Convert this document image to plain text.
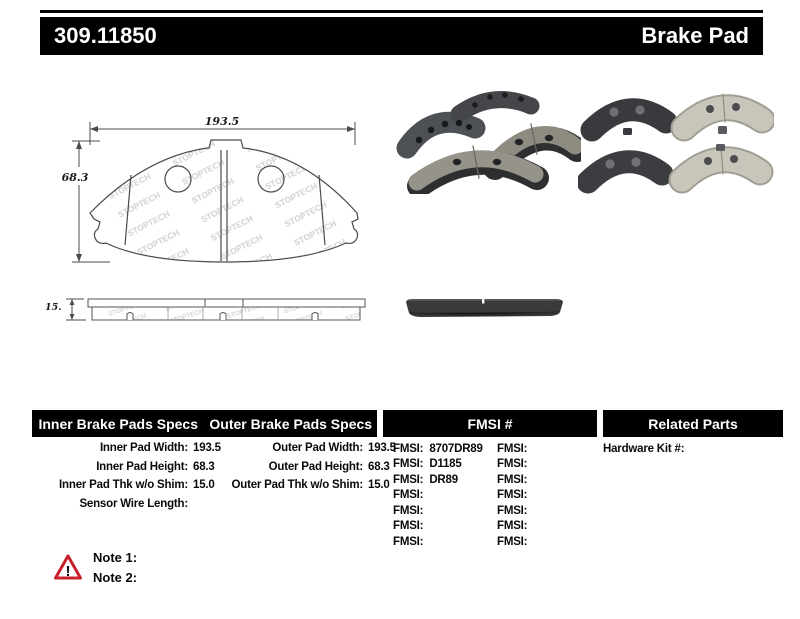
309.11850	Brake Pad
193.5
68.3
15.
Inner Brake Pads Specs Outer Brake Pads Specs	FMSI #	Related Parts
Inner Pad Width: 193.5
Inner Pad Height: 68.3
Inner Pad Thk w/o Shim: 15.0
Sensor Wire Length:
Outer Pad Width: 193.5
Outer Pad Height: 68.3
Outer Pad Thk w/o Shim: 15.0
FMSI: 8707DR89
FMSI: D1185
FMSI: DR89
FMSI:
FMSI:
FMSI:
FMSI:
FMSI:
FMSI:
FMSI:
FMSI:
FMSI:
FMSI:
FMSI:
Hardware Kit #:
!
Note 1:
Note 2:
